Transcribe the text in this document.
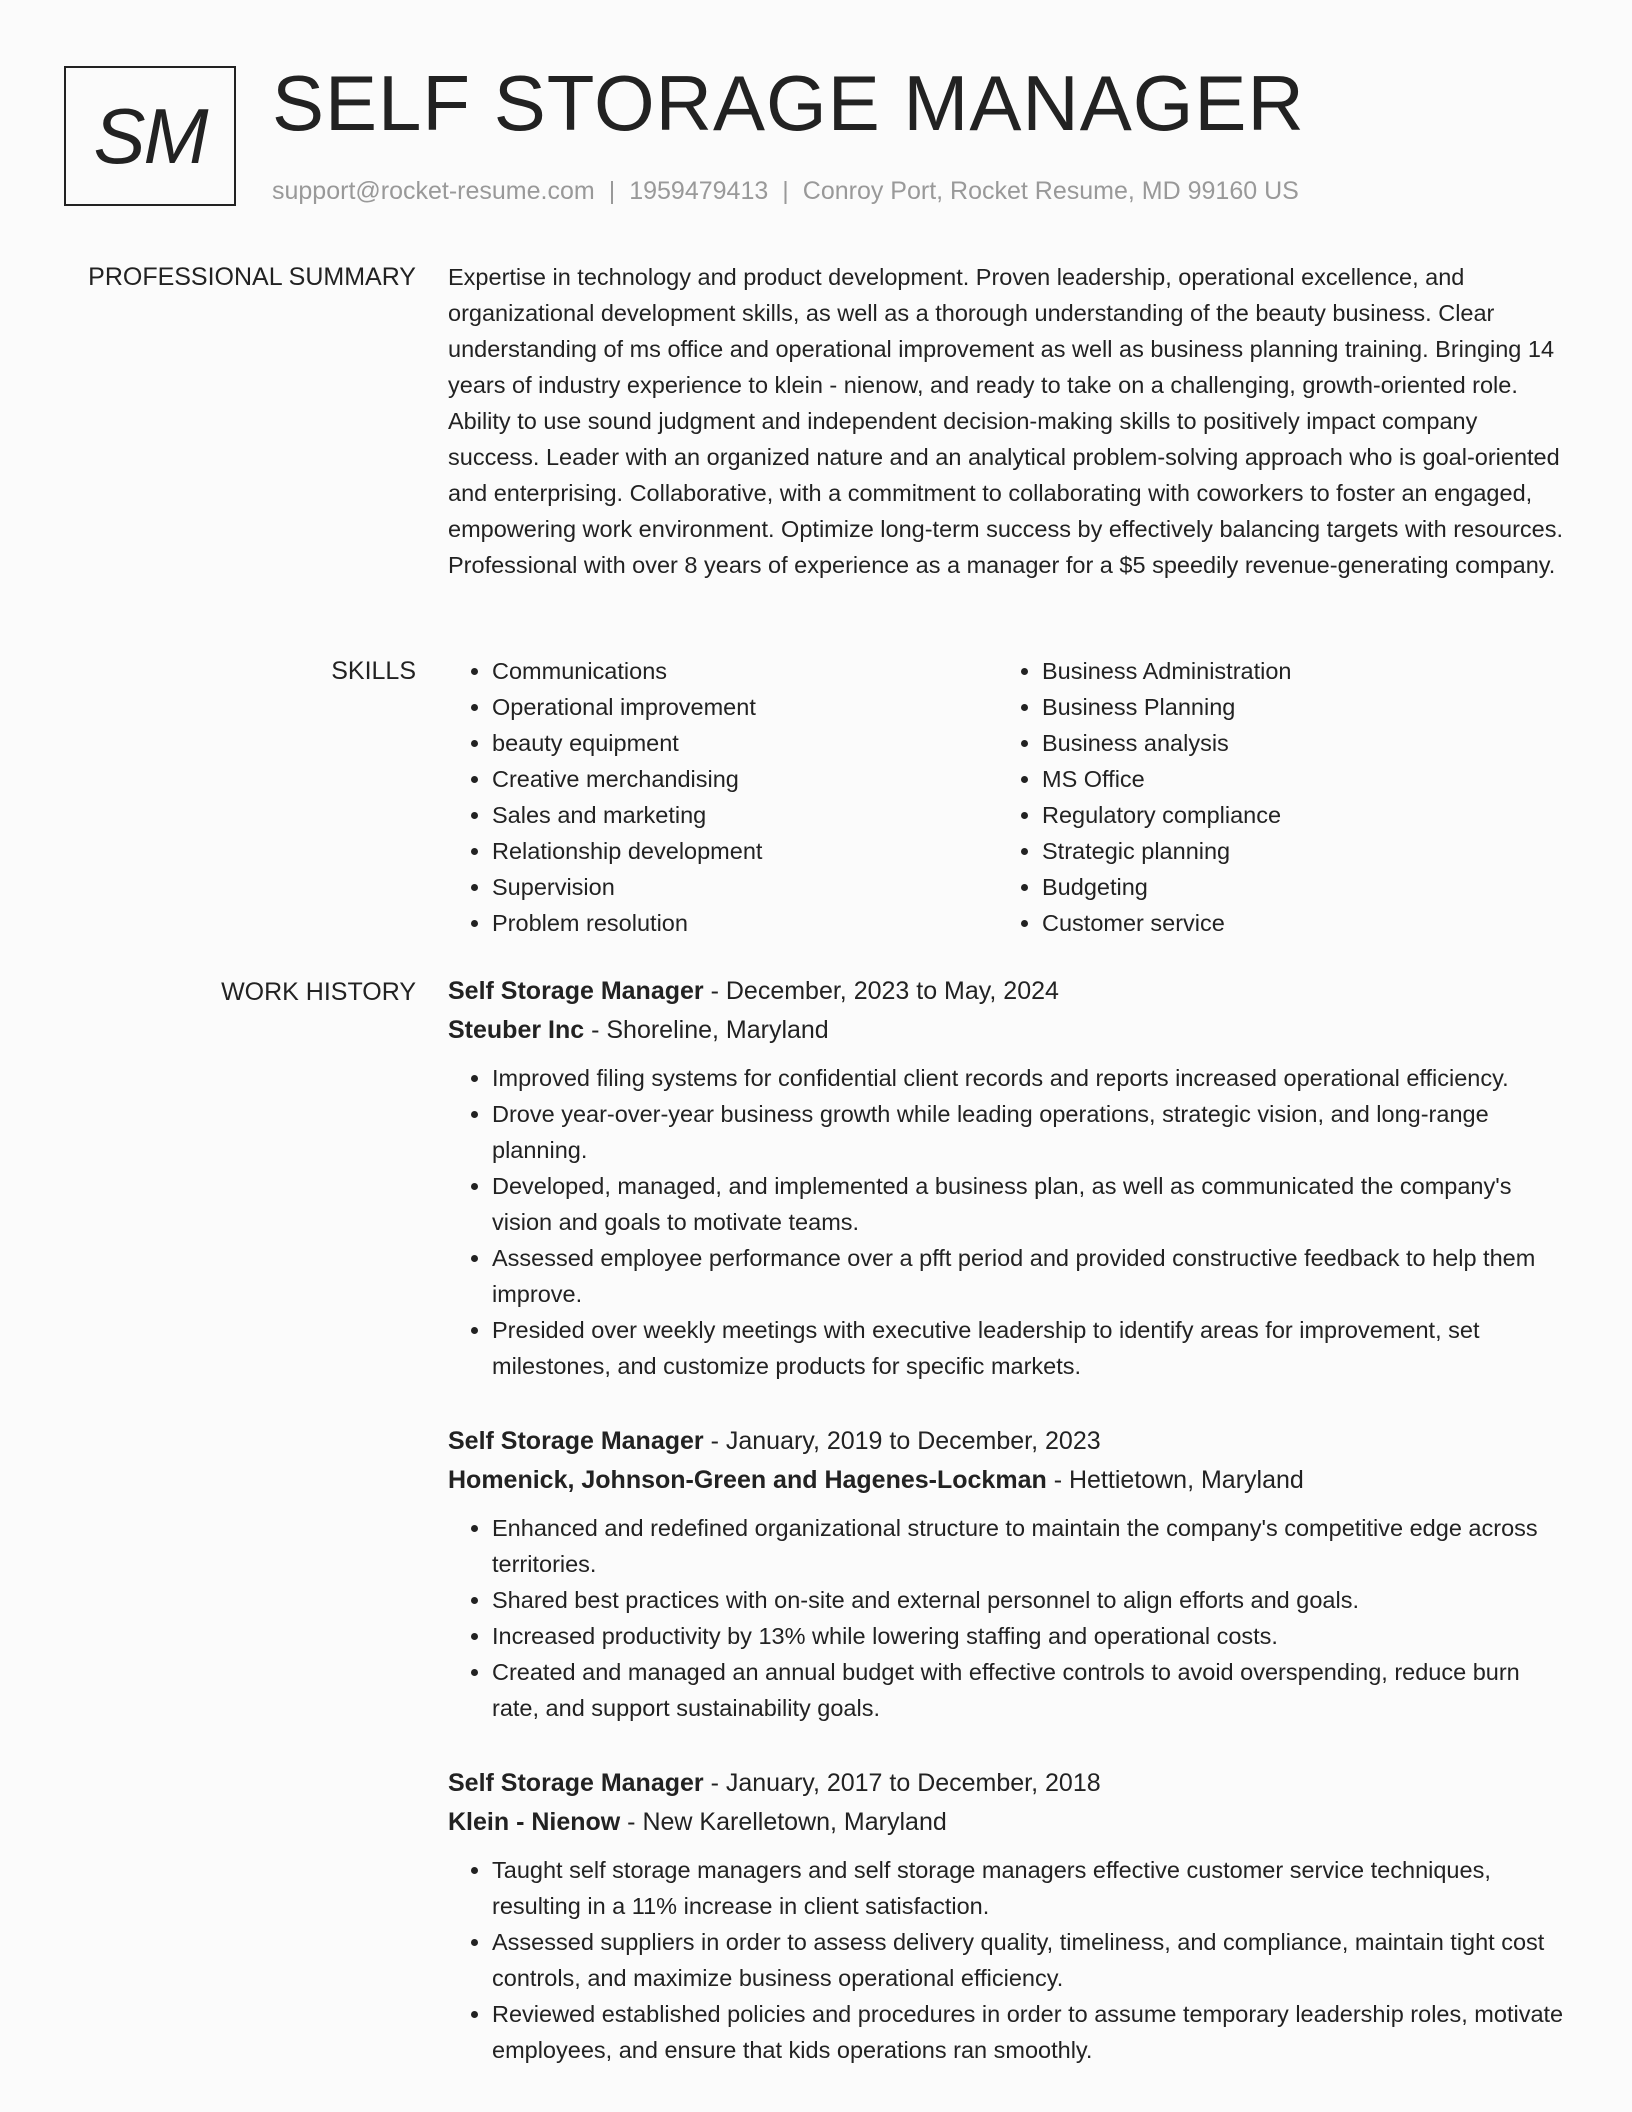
SM SELF STORAGE MANAGER
support@rocket-resume.com | 1959479413 | Conroy Port, Rocket Resume, MD 99160 US
PROFESSIONAL SUMMARY Expertise in technology and product development. Proven leadership, operational excellence, and organizational development skills, as well as a thorough understanding of the beauty business. Clear understanding of ms office and operational improvement as well as business planning training. Bringing 14 years of industry experience to klein - nienow, and ready to take on a challenging, growth-oriented role. Ability to use sound judgment and independent decision-making skills to positively impact company success. Leader with an organized nature and an analytical problem-solving approach who is goal-oriented and enterprising. Collaborative, with a commitment to collaborating with coworkers to foster an engaged, empowering work environment. Optimize long-term success by effectively balancing targets with resources. Professional with over 8 years of experience as a manager for a $5 speedily revenue-generating company.

SKILLS
•	Communications
• Operational improvement
• beauty equipment
• Creative merchandising
• Sales and marketing
• Relationship development
• Supervision
• Problem resolution
• Business Administration
• Business Planning
• Business analysis
• MS Office
• Regulatory compliance
• Strategic planning
• Budgeting
• Customer service
WORK HISTORY Self Storage Manager - December, 2023 to May, 2024
Steuber Inc - Shoreline, Maryland
• Improved filing systems for confidential client records and reports increased operational efficiency.
• Drove year-over-year business growth while leading operations, strategic vision, and long-range planning.
• Developed, managed, and implemented a business plan, as well as communicated the company's vision and goals to motivate teams.
• Assessed employee performance over a pfft period and provided constructive feedback to help them improve.
• Presided over weekly meetings with executive leadership to identify areas for improvement, set milestones, and customize products for specific markets.
Self Storage Manager - January, 2019 to December, 2023
Homenick, Johnson-Green and Hagenes-Lockman - Hettietown, Maryland
• Enhanced and redefined organizational structure to maintain the company's competitive edge across territories.
• Shared best practices with on-site and external personnel to align efforts and goals.
• Increased productivity by 13% while lowering staffing and operational costs.
• Created and managed an annual budget with effective controls to avoid overspending, reduce burn rate, and support sustainability goals.
Self Storage Manager - January, 2017 to December, 2018
Klein - Nienow - New Karelletown, Maryland
• Taught self storage managers and self storage managers effective customer service techniques, resulting in a 11% increase in client satisfaction.
• Assessed suppliers in order to assess delivery quality, timeliness, and compliance, maintain tight cost controls, and maximize business operational efficiency.
• Reviewed established policies and procedures in order to assume temporary leadership roles, motivate employees, and ensure that kids operations ran smoothly.
